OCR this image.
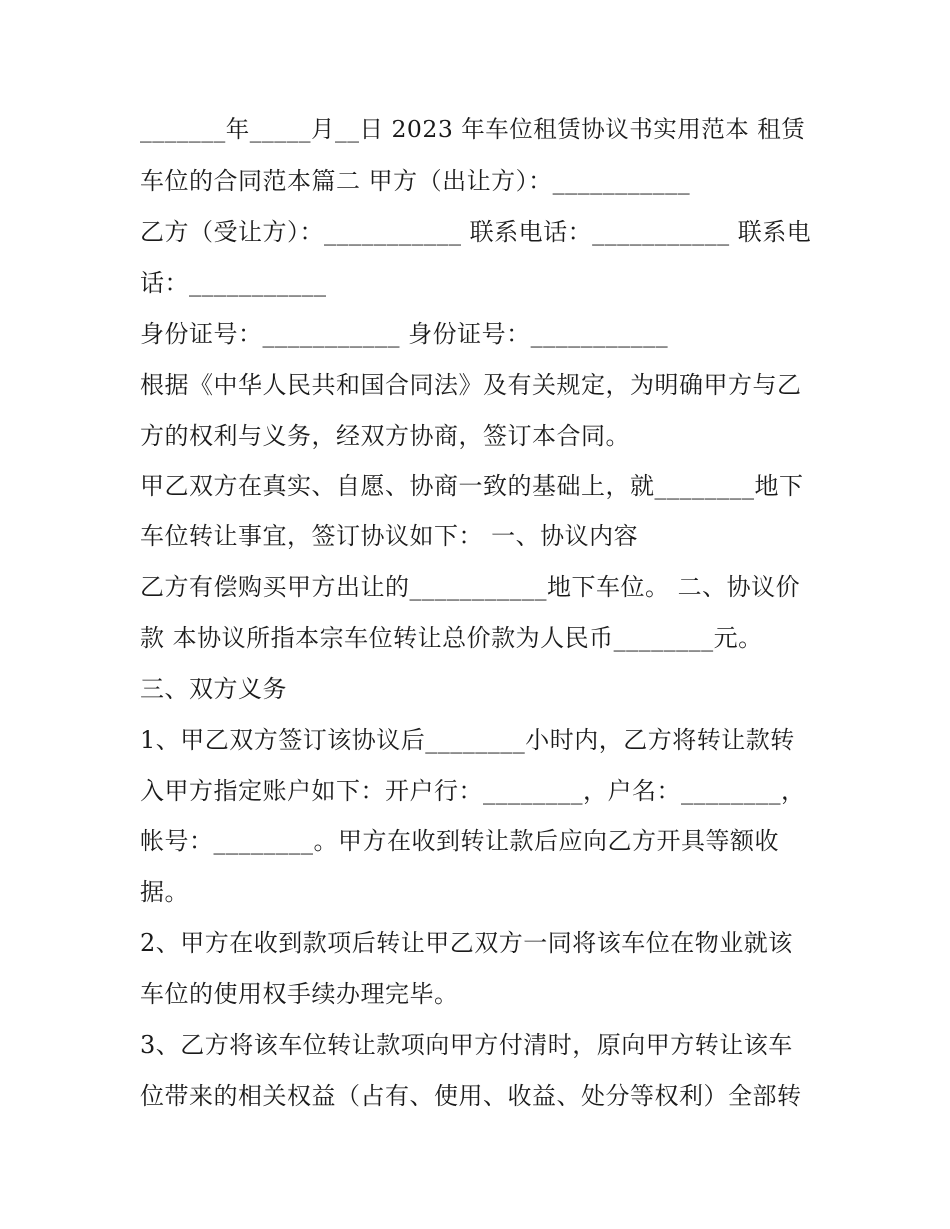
_______年_____月__日 2023 年车位租赁协议书实用范本 租赁
车位的合同范本篇二 甲方（出让方）：___________
乙方（受让方）：___________ 联系电话：___________ 联系电
话：___________
身份证号：___________ 身份证号：___________
根据《中华人民共和国合同法》及有关规定，为明确甲方与乙
方的权利与义务，经双方协商，签订本合同。
甲乙双方在真实、自愿、协商一致的基础上，就________地下
车位转让事宜，签订协议如下： 一、协议内容
乙方有偿购买甲方出让的___________地下车位。 二、协议价
款 本协议所指本宗车位转让总价款为人民币________元。
三、双方义务
1、甲乙双方签订该协议后________小时内，乙方将转让款转
入甲方指定账户如下：开户行：________，户名：________，
帐号：________。甲方在收到转让款后应向乙方开具等额收
据。
2、甲方在收到款项后转让甲乙双方一同将该车位在物业就该
车位的使用权手续办理完毕。
3、乙方将该车位转让款项向甲方付清时，原向甲方转让该车
位带来的相关权益（占有、使用、收益、处分等权利）全部转
